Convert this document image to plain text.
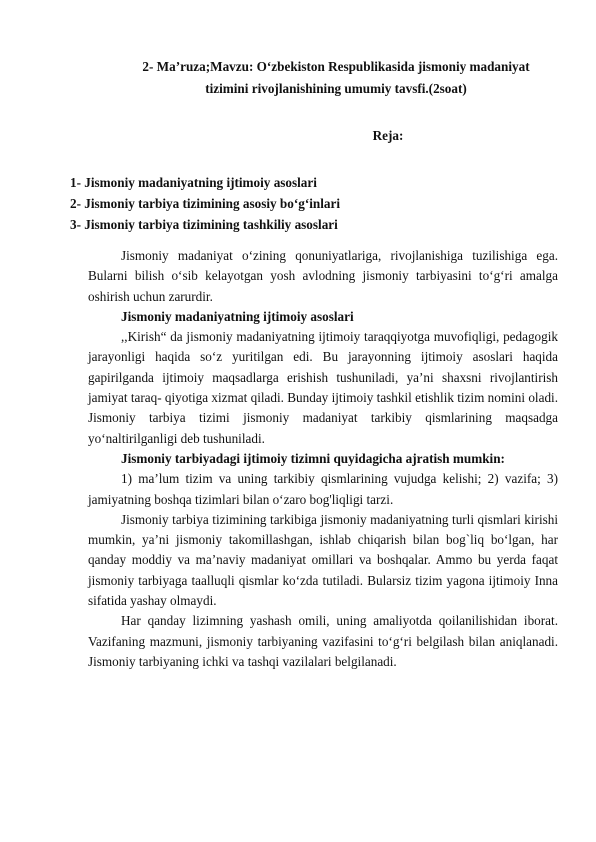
2- Ma’ruza;Mavzu: O‘zbekiston Respublikasida jismoniy madaniyat
tizimini rivojlanishining umumiy tavsfi.(2soat)
Reja:
1- Jismoniy madaniyatning ijtimoiy asoslari
2- Jismoniy tarbiya tizimining asosiy bo‘g‘inlari
3- Jismoniy tarbiya tizimining tashkiliy asoslari

Jismoniy madaniyat o‘zining qonuniyatlariga, rivojlanishiga tuzilishiga ega. Bularni bilish o‘sib kelayotgan yosh avlodning jismoniy tarbiyasini to‘g‘ri amalga oshirish uchun zarurdir.

Jismoniy madaniyatning ijtimoiy asoslari

,,Kirish“ da jismoniy madaniyatning ijtimoiy taraqqiyotga muvofiqligi, pedagogik jarayonligi haqida so‘z yuritilgan edi. Bu jarayonning ijtimoiy asoslari haqida gapirilganda ijtimoiy maqsadlarga erishish tushuniladi, ya’ni shaxsni rivojlantirish jamiyat taraq- qiyotiga xizmat qiladi. Bunday ijtimoiy tashkil etishlik tizim nomini oladi. Jismoniy tarbiya tizimi jismoniy madaniyat tarkibiy qismlarining maqsadga yo‘naltirilganligi deb tushuniladi.

Jismoniy tarbiyadagi ijtimoiy tizimni quyidagicha ajratish mumkin:

1) ma’lum tizim va uning tarkibiy qismlarining vujudga kelishi; 2) vazifa; 3) jamiyatning boshqa tizimlari bilan o‘zaro bog'liqligi tarzi.

Jismoniy tarbiya tizimining tarkibiga jismoniy madaniyatning turli qismlari kirishi mumkin, ya’ni jismoniy takomillashgan, ishlab chiqarish bilan bog`liq bo‘lgan, har qanday moddiy va ma’naviy madaniyat omillari va boshqalar. Ammo bu yerda faqat jismoniy tarbiyaga taalluqli qismlar ko‘zda tutiladi. Bularsiz tizim yagona ijtimoiy Inna sifatida yashay olmaydi.

Har qanday lizimning yashash omili, uning amaliyotda qoilanilishidan iborat. Vazifaning mazmuni, jismoniy tarbiyaning vazifasini to‘g‘ri belgilash bilan aniqlanadi. Jismoniy tarbiyaning ichki va tashqi vazilalari belgilanadi.
